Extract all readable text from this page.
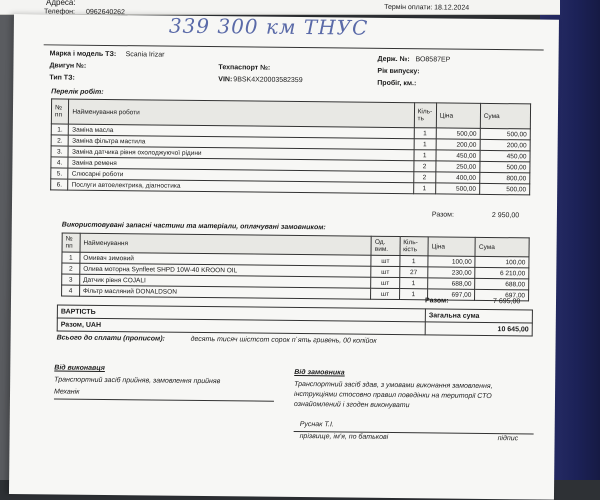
Адреса:
Телефон: 0962640262
Термін оплати: 18.12.2024
339 300 км ТНУС
Марка і модель ТЗ: Scania Irizar
Двигун №:
Тип ТЗ:
Техпаспорт №:
VIN: 9BSK4X20003582359
Держ. №: ВО8587ЕР
Рік випуску:
Пробіг, км.:
Перелік робіт:
№ пп	Найменування роботи	Кіль-ть	Ціна	Сума
1.	Заміна масла	1	500,00	500,00
2.	Заміна фільтра мастила	1	200,00	200,00
3.	Заміна датчика рівня охолоджуючої рідини	1	450,00	450,00
4.	Заміна ременя	2	250,00	500,00
5.	Слюсарні роботи	2	400,00	800,00
6.	Послуги автоелектрика, діагностика	1	500,00	500,00
Разом:	2 950,00
Використовувані запасні частини та матеріали, оплачувані замовником:
№ пп	Найменування	Од. вим.	Кіль-кість	Ціна	Сума
1	Омивач зимовий	шт	1	100,00	100,00
2	Олива моторна Synfleet SHPD 10W-40 KROON OIL	шт	27	230,00	6 210,00
3	Датчик рівня COJALI	шт	1	688,00	688,00
4	Фільтр масляний DONALDSON	шт	1	697,00	697,00
Разом:	7 695,00
ВАРТІСТЬ	Загальна сума
Разом, UAH	10 645,00
Всього до сплати (прописом):	десять тисяч шістсот сорок п`ять гривень, 00 копійок
Від виконавця
Транспортний засіб прийняв, замовлення прийняв
Механік
Від замовника
Транспортний засіб здав, з умовами виконання замовлення,
інструкціями стосовно правил поведінки на території СТО
ознайомлений і згоден виконувати
Руснак Т.І.
прізвище, ім'я, по батькові	підпис
